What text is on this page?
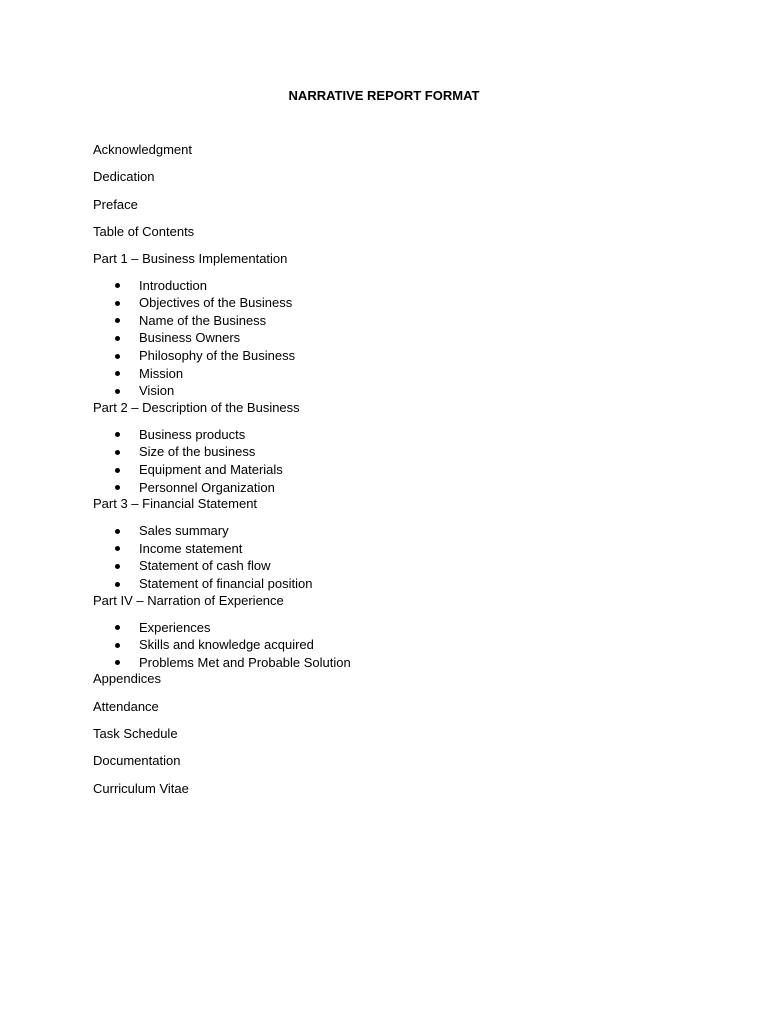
NARRATIVE REPORT FORMAT
Acknowledgment
Dedication
Preface
Table of Contents
Part 1 – Business Implementation
Introduction
Objectives of the Business
Name of the Business
Business Owners
Philosophy of the Business
Mission
Vision
Part 2 – Description of the Business
Business products
Size of the business
Equipment and Materials
Personnel Organization
Part 3 – Financial Statement
Sales summary
Income statement
Statement of cash flow
Statement of financial position
Part IV – Narration of Experience
Experiences
Skills and knowledge acquired
Problems Met and Probable Solution
Appendices
Attendance
Task Schedule
Documentation
Curriculum Vitae
